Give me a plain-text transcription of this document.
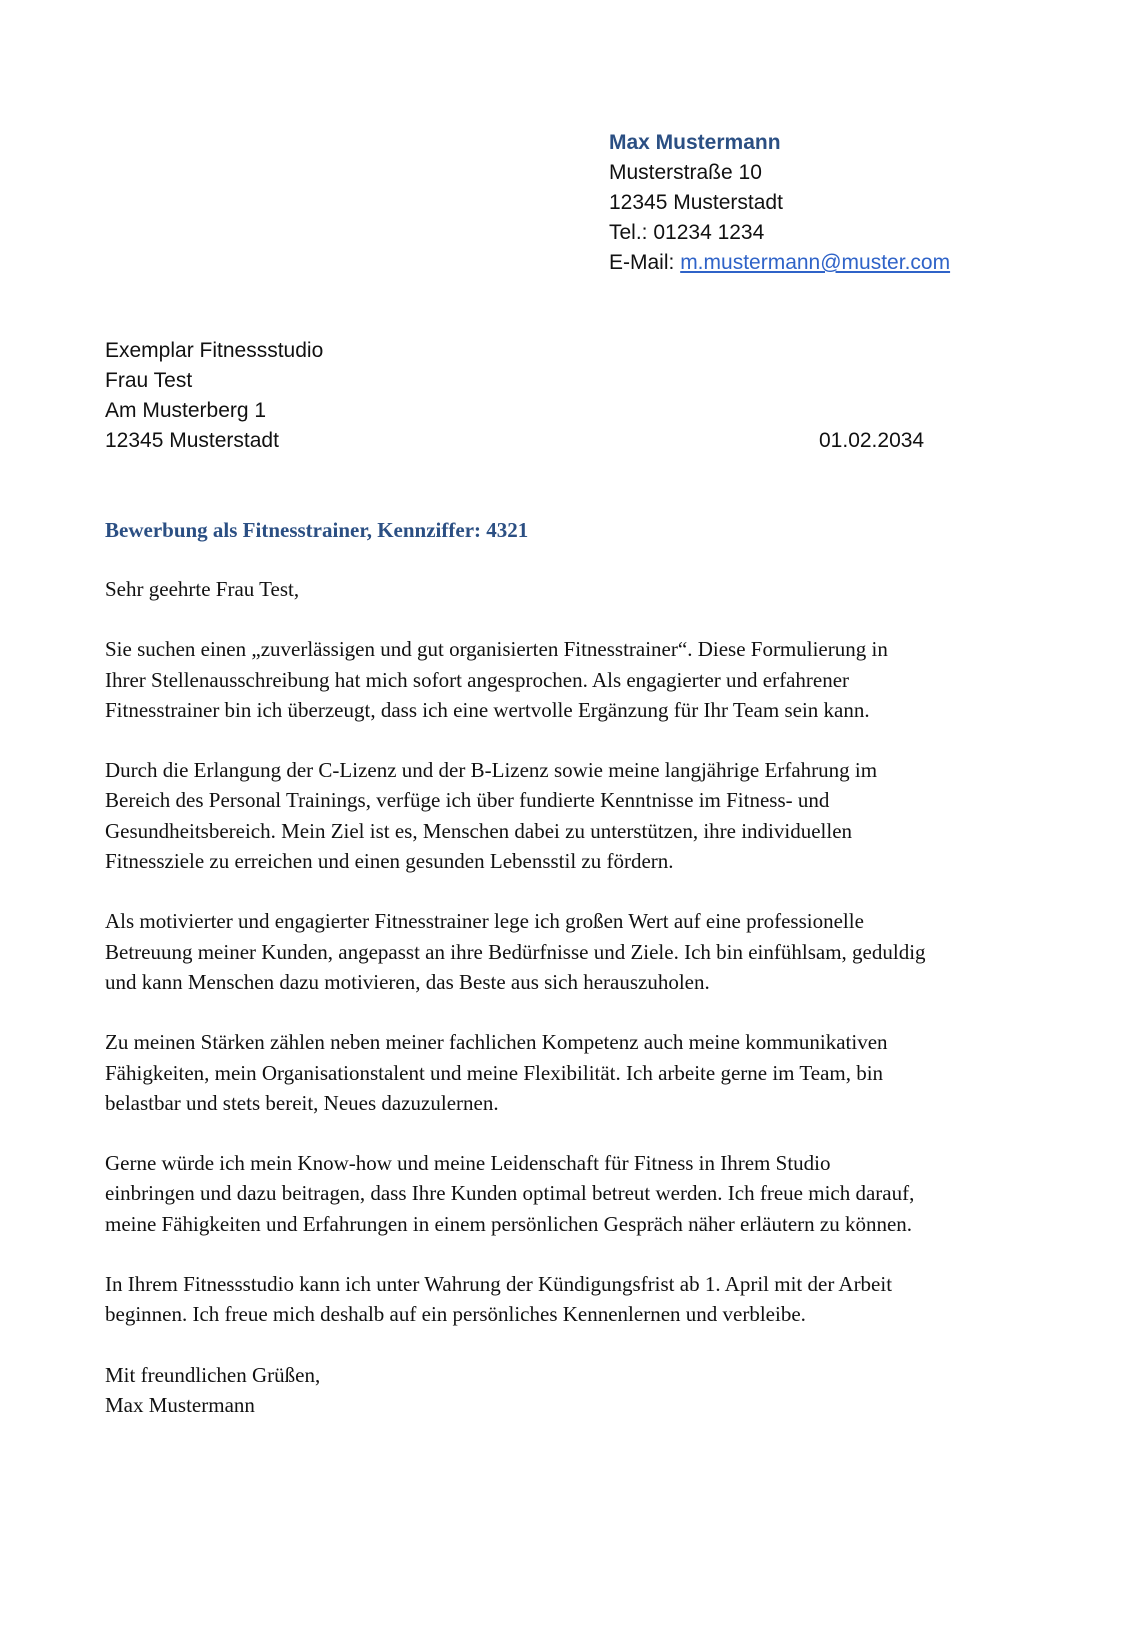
Max Mustermann
Musterstraße 10
12345 Musterstadt
Tel.: 01234 1234
E-Mail: m.mustermann@muster.com
Exemplar Fitnessstudio
Frau Test
Am Musterberg 1
12345 Musterstadt	01.02.2034
Bewerbung als Fitnesstrainer, Kennziffer: 4321

Sehr geehrte Frau Test,

Sie suchen einen „zuverlässigen und gut organisierten Fitnesstrainer“. Diese Formulierung in
Ihrer Stellenausschreibung hat mich sofort angesprochen. Als engagierter und erfahrener
Fitnesstrainer bin ich überzeugt, dass ich eine wertvolle Ergänzung für Ihr Team sein kann.

Durch die Erlangung der C-Lizenz und der B-Lizenz sowie meine langjährige Erfahrung im
Bereich des Personal Trainings, verfüge ich über fundierte Kenntnisse im Fitness- und
Gesundheitsbereich. Mein Ziel ist es, Menschen dabei zu unterstützen, ihre individuellen
Fitnessziele zu erreichen und einen gesunden Lebensstil zu fördern.

Als motivierter und engagierter Fitnesstrainer lege ich großen Wert auf eine professionelle
Betreuung meiner Kunden, angepasst an ihre Bedürfnisse und Ziele. Ich bin einfühlsam, geduldig
und kann Menschen dazu motivieren, das Beste aus sich herauszuholen.

Zu meinen Stärken zählen neben meiner fachlichen Kompetenz auch meine kommunikativen
Fähigkeiten, mein Organisationstalent und meine Flexibilität. Ich arbeite gerne im Team, bin
belastbar und stets bereit, Neues dazuzulernen.

Gerne würde ich mein Know-how und meine Leidenschaft für Fitness in Ihrem Studio
einbringen und dazu beitragen, dass Ihre Kunden optimal betreut werden. Ich freue mich darauf,
meine Fähigkeiten und Erfahrungen in einem persönlichen Gespräch näher erläutern zu können.

In Ihrem Fitnessstudio kann ich unter Wahrung der Kündigungsfrist ab 1. April mit der Arbeit
beginnen. Ich freue mich deshalb auf ein persönliches Kennenlernen und verbleibe.

Mit freundlichen Grüßen,
Max Mustermann
